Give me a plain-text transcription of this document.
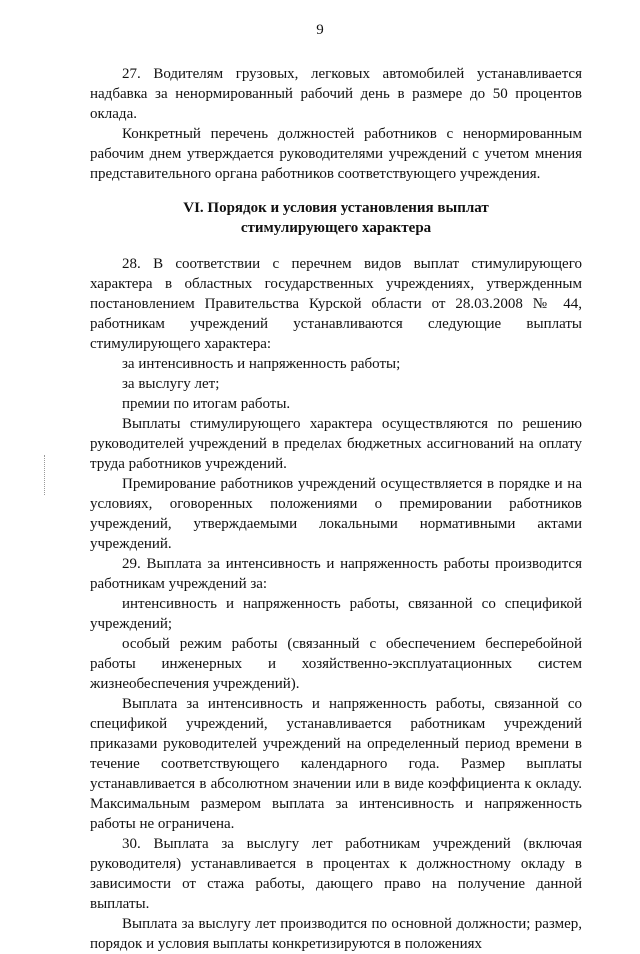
9

27. Водителям грузовых, легковых автомобилей устанавливается надбавка за ненормированный рабочий день в размере до 50 процентов оклада.

Конкретный перечень должностей работников с ненормированным рабочим днем утверждается руководителями учреждений с учетом мнения представительного органа работников соответствующего учреждения.

VI. Порядок и условия установления выплат
стимулирующего характера

28. В соответствии с перечнем видов выплат стимулирующего характера в областных государственных учреждениях, утвержденным постановлением Правительства Курской области от 28.03.2008 № 44, работникам учреждений устанавливаются следующие выплаты стимулирующего характера:

за интенсивность и напряженность работы;

за выслугу лет;

премии по итогам работы.

Выплаты стимулирующего характера осуществляются по решению руководителей учреждений в пределах бюджетных ассигнований на оплату труда работников учреждений.

Премирование работников учреждений осуществляется в порядке и на условиях, оговоренных положениями о премировании работников учреждений, утверждаемыми локальными нормативными актами учреждений.

29. Выплата за интенсивность и напряженность работы производится работникам учреждений за:

интенсивность и напряженность работы, связанной со спецификой учреждений;

особый режим работы (связанный с обеспечением бесперебойной работы инженерных и хозяйственно-эксплуатационных систем жизнеобеспечения учреждений).

Выплата за интенсивность и напряженность работы, связанной со спецификой учреждений, устанавливается работникам учреждений приказами руководителей учреждений на определенный период времени в течение соответствующего календарного года. Размер выплаты устанавливается в абсолютном значении или в виде коэффициента к окладу. Максимальным размером выплата за интенсивность и напряженность работы не ограничена.

30. Выплата за выслугу лет работникам учреждений (включая руководителя) устанавливается в процентах к должностному окладу в зависимости от стажа работы, дающего право на получение данной выплаты.

Выплата за выслугу лет производится по основной должности; размер, порядок и условия выплаты конкретизируются в положениях
